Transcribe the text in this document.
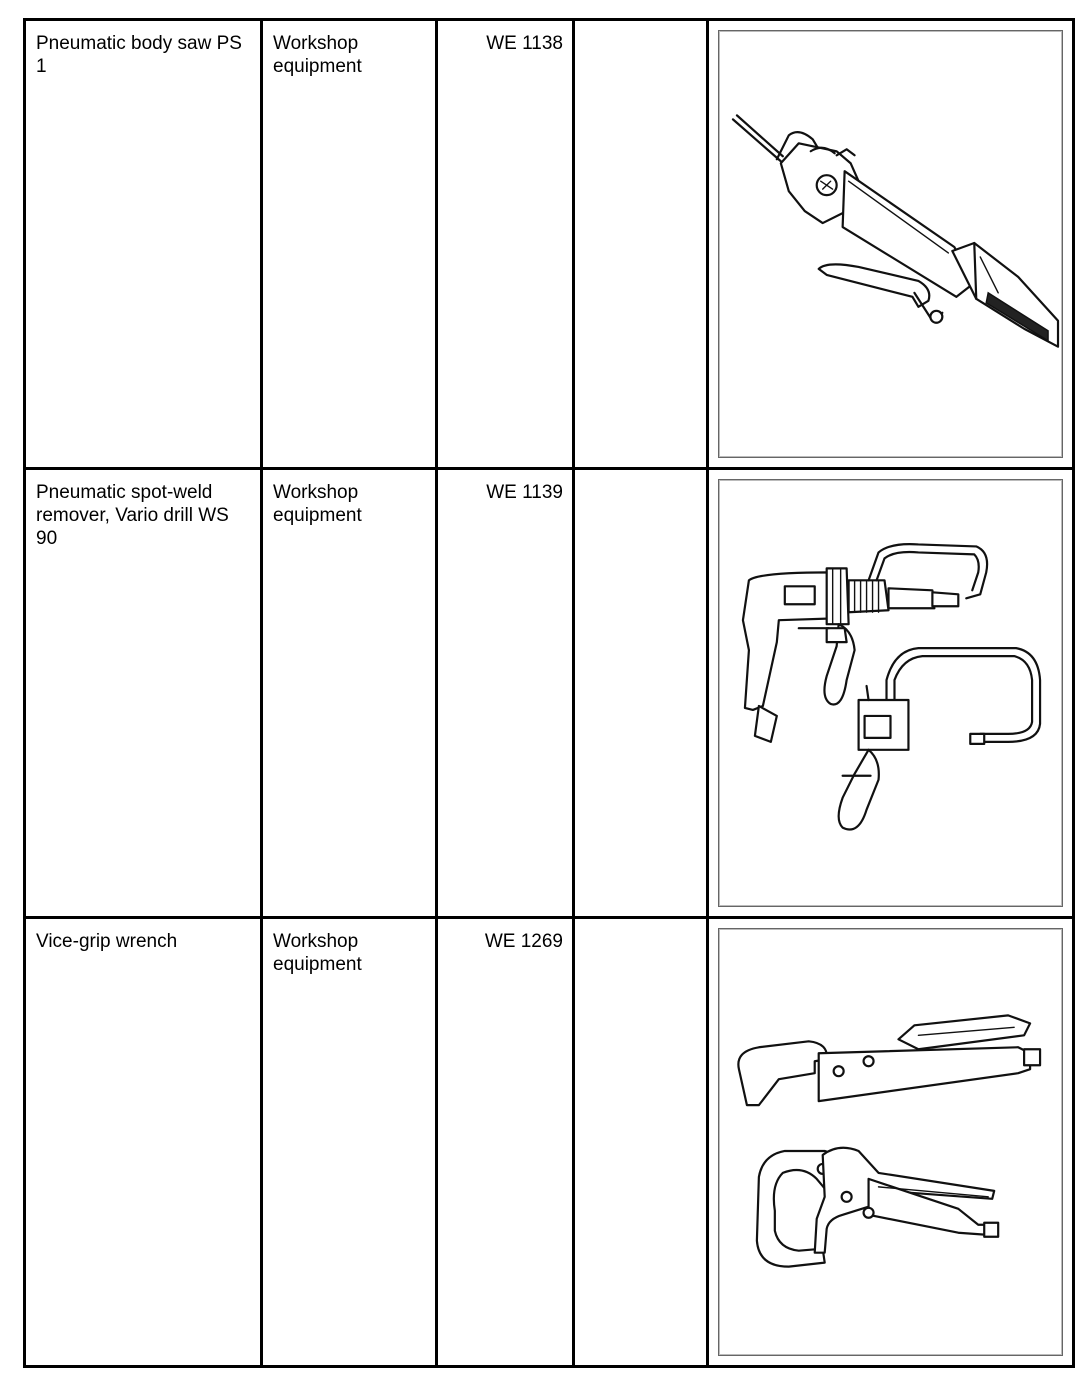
Pneumatic body saw PS 1	Workshop equipment	WE 1138

Pneumatic spot-weld remover, Vario drill WS 90	Workshop equipment	WE 1139

Vice-grip wrench	Workshop equipment	WE 1269
